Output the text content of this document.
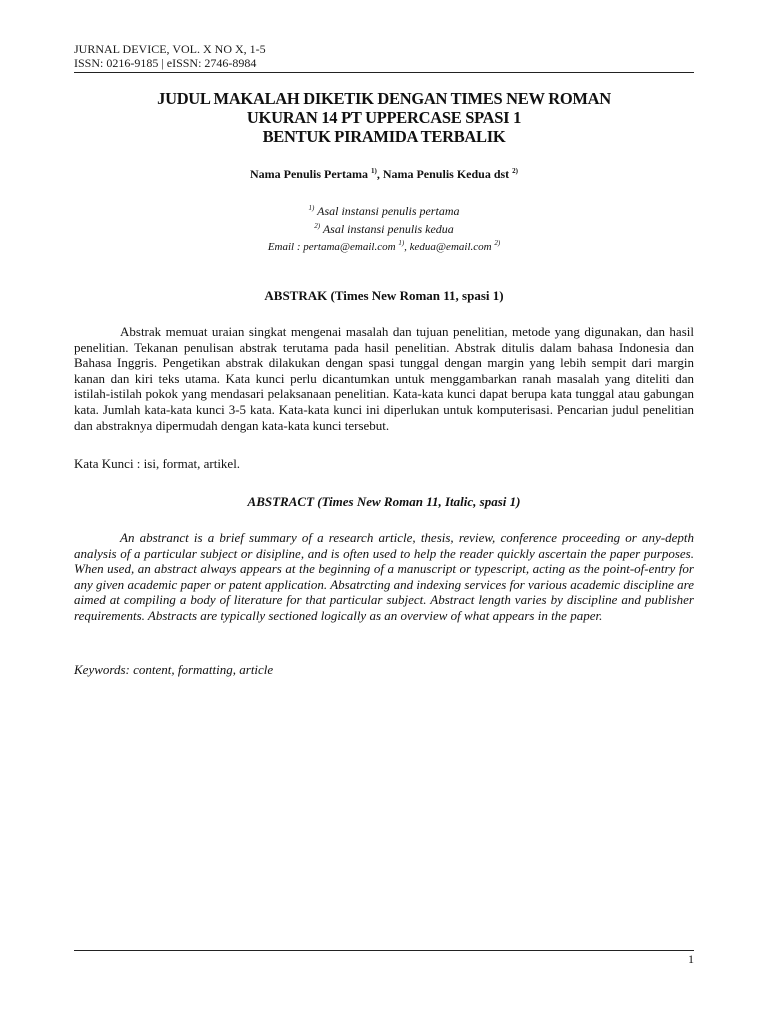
JURNAL DEVICE, VOL. X NO X, 1-5
ISSN: 0216-9185 | eISSN: 2746-8984
JUDUL MAKALAH DIKETIK DENGAN TIMES NEW ROMAN
UKURAN 14 PT UPPERCASE SPASI 1
BENTUK PIRAMIDA TERBALIK
Nama Penulis Pertama $^{1)}$, Nama Penulis Kedua dst $^{2)}$
$^{1)}$ Asal instansi penulis pertama
$^{2)}$ Asal instansi penulis kedua
Email : pertama@email.com $^{1)}$, kedua@email.com $^{2)}$
ABSTRAK (Times New Roman 11, spasi 1)
Abstrak memuat uraian singkat mengenai masalah dan tujuan penelitian, metode yang digunakan, dan hasil penelitian. Tekanan penulisan abstrak terutama pada hasil penelitian. Abstrak ditulis dalam bahasa Indonesia dan Bahasa Inggris. Pengetikan abstrak dilakukan dengan spasi tunggal dengan margin yang lebih sempit dari margin kanan dan kiri teks utama. Kata kunci perlu dicantumkan untuk menggambarkan ranah masalah yang diteliti dan istilah-istilah pokok yang mendasari pelaksanaan penelitian. Kata-kata kunci dapat berupa kata tunggal atau gabungan kata. Jumlah kata-kata kunci 3-5 kata. Kata-kata kunci ini diperlukan untuk komputerisasi. Pencarian judul penelitian dan abstraknya dipermudah dengan kata-kata kunci tersebut.
Kata Kunci : isi, format, artikel.
ABSTRACT (Times New Roman 11, Italic, spasi 1)
An abstranct is a brief summary of a research article, thesis, review, conference proceeding or any-depth analysis of a particular subject or disipline, and is often used to help the reader quickly ascertain the paper purposes. When used, an abstract always appears at the beginning of a manuscript or typescript, acting as the point-of-entry for any given academic paper or patent application. Absatrcting and indexing services for various academic discipline are aimed at compiling a body of literature for that particular subject. Abstract length varies by discipline and publisher requirements. Abstracts are typically sectioned logically as an overview of what appears in the paper.
Keywords: content, formatting, article
1
